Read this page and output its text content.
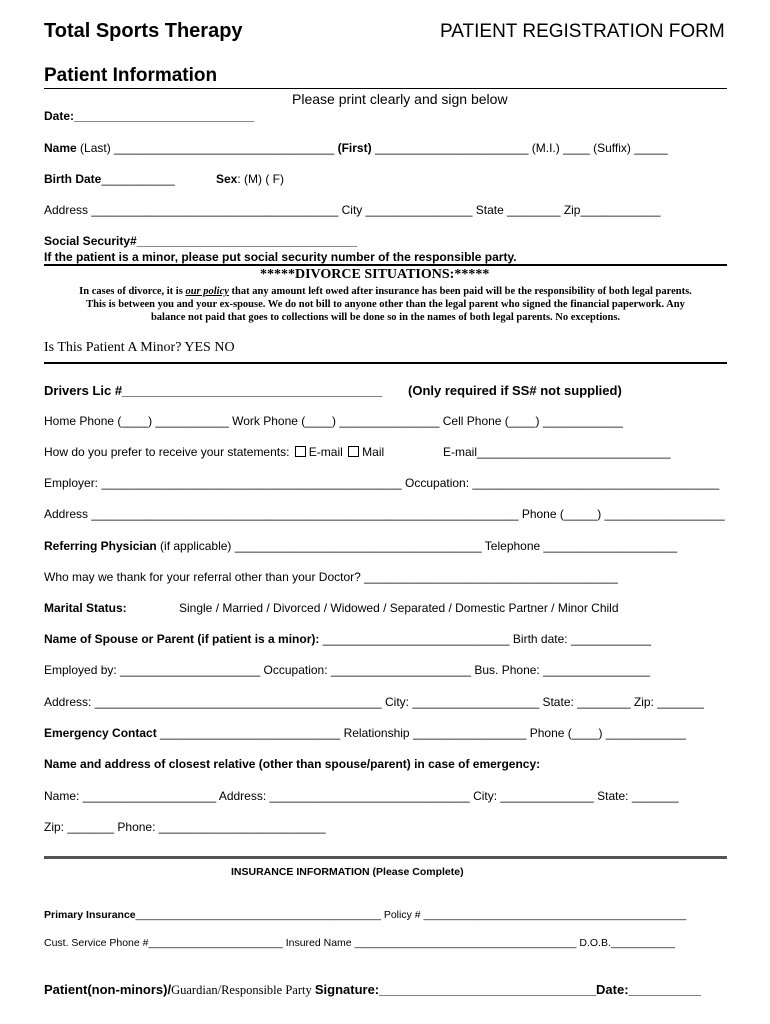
Total Sports Therapy	PATIENT REGISTRATION FORM
Patient Information
Please print clearly and sign below
Date:___________________________
Name (Last) _________________________________ (First) _______________________ (M.I.) ____ (Suffix) _____
Birth Date___________	Sex: (M) ( F)
Address _____________________________________ City ________________ State ________ Zip____________
Social Security#_________________________________
If the patient is a minor, please put social security number of the responsible party.
*****DIVORCE SITUATIONS:*****
In cases of divorce, it is our policy that any amount left owed after insurance has been paid will be the responsibility of both legal parents.
This is between you and your ex-spouse. We do not bill to anyone other than the legal parent who signed the financial paperwork. Any
balance not paid that goes to collections will be done so in the names of both legal parents. No exceptions.
Is This Patient A Minor? YES NO
Drivers Lic #____________________________________ (Only required if SS# not supplied)
Home Phone (____) ___________ Work Phone (____) _______________ Cell Phone (____) ____________
How do you prefer to receive your statements: E-mail Mail	E-mail_____________________________
Employer: _____________________________________________ Occupation: _____________________________________
Address ________________________________________________________________ Phone (_____) __________________
Referring Physician (if applicable) _____________________________________ Telephone ____________________
Who may we thank for your referral other than your Doctor? ______________________________________
Marital Status:	Single / Married / Divorced / Widowed / Separated / Domestic Partner / Minor Child
Name of Spouse or Parent (if patient is a minor): ____________________________ Birth date: ____________
Employed by: _____________________ Occupation: _____________________ Bus. Phone: ________________
Address: ___________________________________________ City: ___________________ State: ________ Zip: _______
Emergency Contact ___________________________ Relationship _________________ Phone (____) ____________
Name and address of closest relative (other than spouse/parent) in case of emergency:
Name: ____________________ Address: ______________________________ City: ______________ State: _______
Zip: _______ Phone: _________________________
INSURANCE INFORMATION (Please Complete)
Primary Insurance__________________________________________ Policy # _____________________________________________
Cust. Service Phone #_______________________ Insured Name ______________________________________ D.O.B.___________
Patient(non-minors)/Guardian/Responsible Party Signature:______________________________Date:__________
